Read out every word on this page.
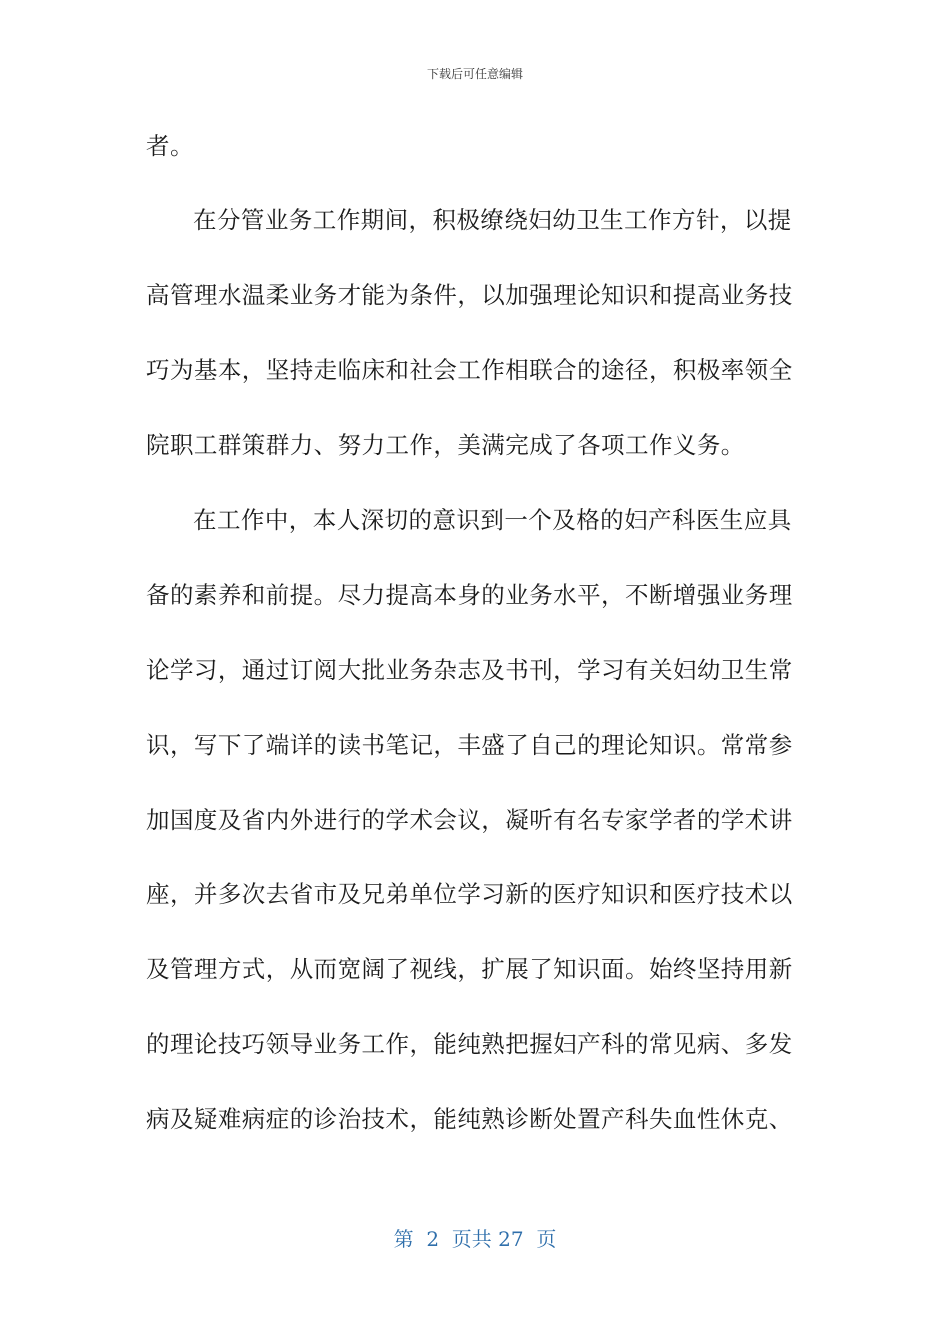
下载后可任意编辑
者。
在分管业务工作期间，积极缭绕妇幼卫生工作方针，以提
高管理水温柔业务才能为条件，以加强理论知识和提高业务技
巧为基本，坚持走临床和社会工作相联合的途径，积极率领全
院职工群策群力、努力工作，美满完成了各项工作义务。
在工作中，本人深切的意识到一个及格的妇产科医生应具
备的素养和前提。尽力提高本身的业务水平，不断增强业务理
论学习，通过订阅大批业务杂志及书刊，学习有关妇幼卫生常
识，写下了端详的读书笔记，丰盛了自己的理论知识。常常参
加国度及省内外进行的学术会议，凝听有名专家学者的学术讲
座，并多次去省市及兄弟单位学习新的医疗知识和医疗技术以
及管理方式，从而宽阔了视线，扩展了知识面。始终坚持用新
的理论技巧领导业务工作，能纯熟把握妇产科的常见病、多发
病及疑难病症的诊治技术，能纯熟诊断处置产科失血性休克、
第  2  页共 27  页
